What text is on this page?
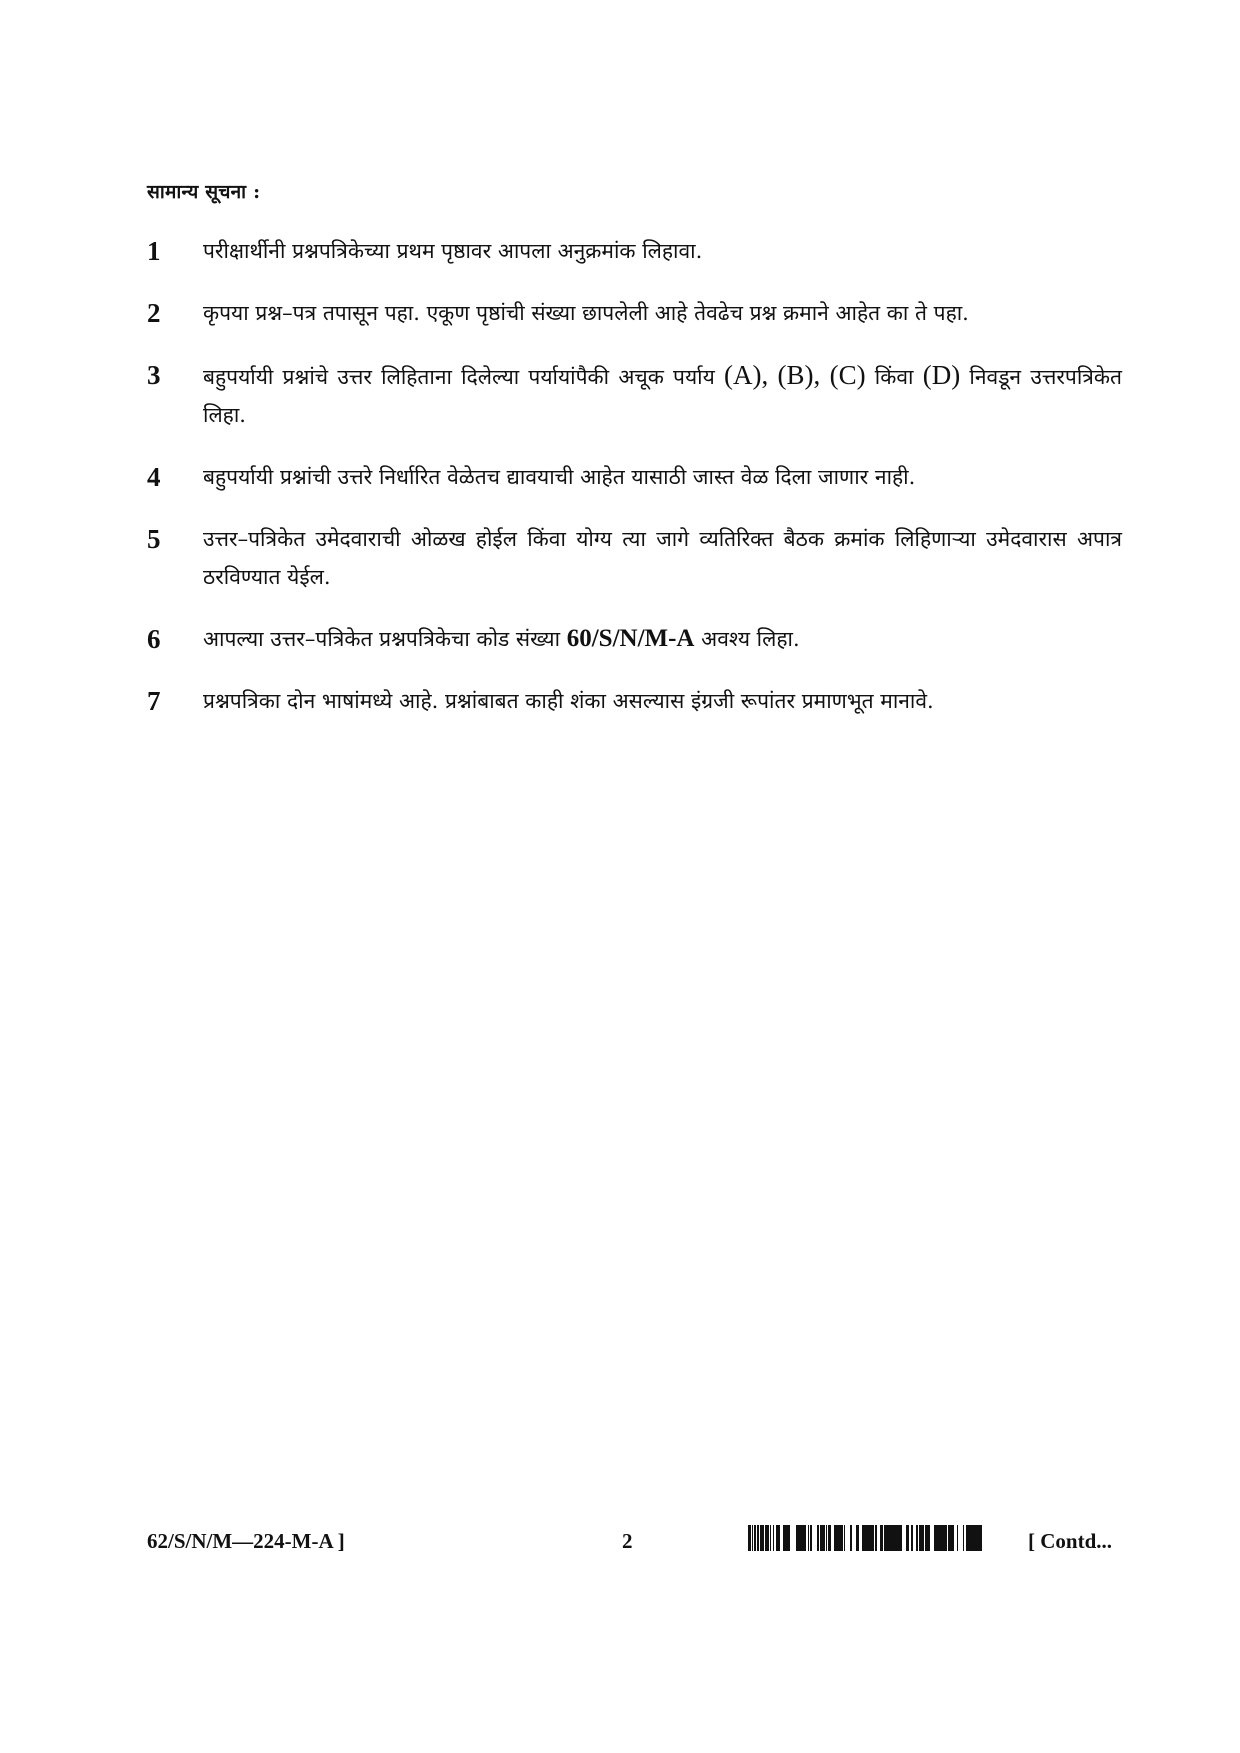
सामान्य सूचना :
1	परीक्षार्थीनी प्रश्नपत्रिकेच्या प्रथम पृष्ठावर आपला अनुक्रमांक लिहावा.
2	कृपया प्रश्न–पत्र तपासून पहा. एकूण पृष्ठांची संख्या छापलेली आहे तेवढेच प्रश्न क्रमाने आहेत का ते पहा.
3	बहुपर्यायी प्रश्नांचे उत्तर लिहिताना दिलेल्या पर्यायांपैकी अचूक पर्याय (A), (B), (C) किंवा (D) निवडून उत्तरपत्रिकेत लिहा.
4	बहुपर्यायी प्रश्नांची उत्तरे निर्धारित वेळेतच द्यावयाची आहेत यासाठी जास्त वेळ दिला जाणार नाही.
5	उत्तर–पत्रिकेत उमेदवाराची ओळख होईल किंवा योग्य त्या जागे व्यतिरिक्त बैठक क्रमांक लिहिणाऱ्या उमेदवारास अपात्र ठरविण्यात येईल.
6	आपल्या उत्तर–पत्रिकेत प्रश्नपत्रिकेचा कोड संख्या 60/S/N/M-A अवश्य लिहा.
7	प्रश्नपत्रिका दोन भाषांमध्ये आहे. प्रश्नांबाबत काही शंका असल्यास इंग्रजी रूपांतर प्रमाणभूत मानावे.
62/S/N/M—224-M-A ]	2	[ Contd...
